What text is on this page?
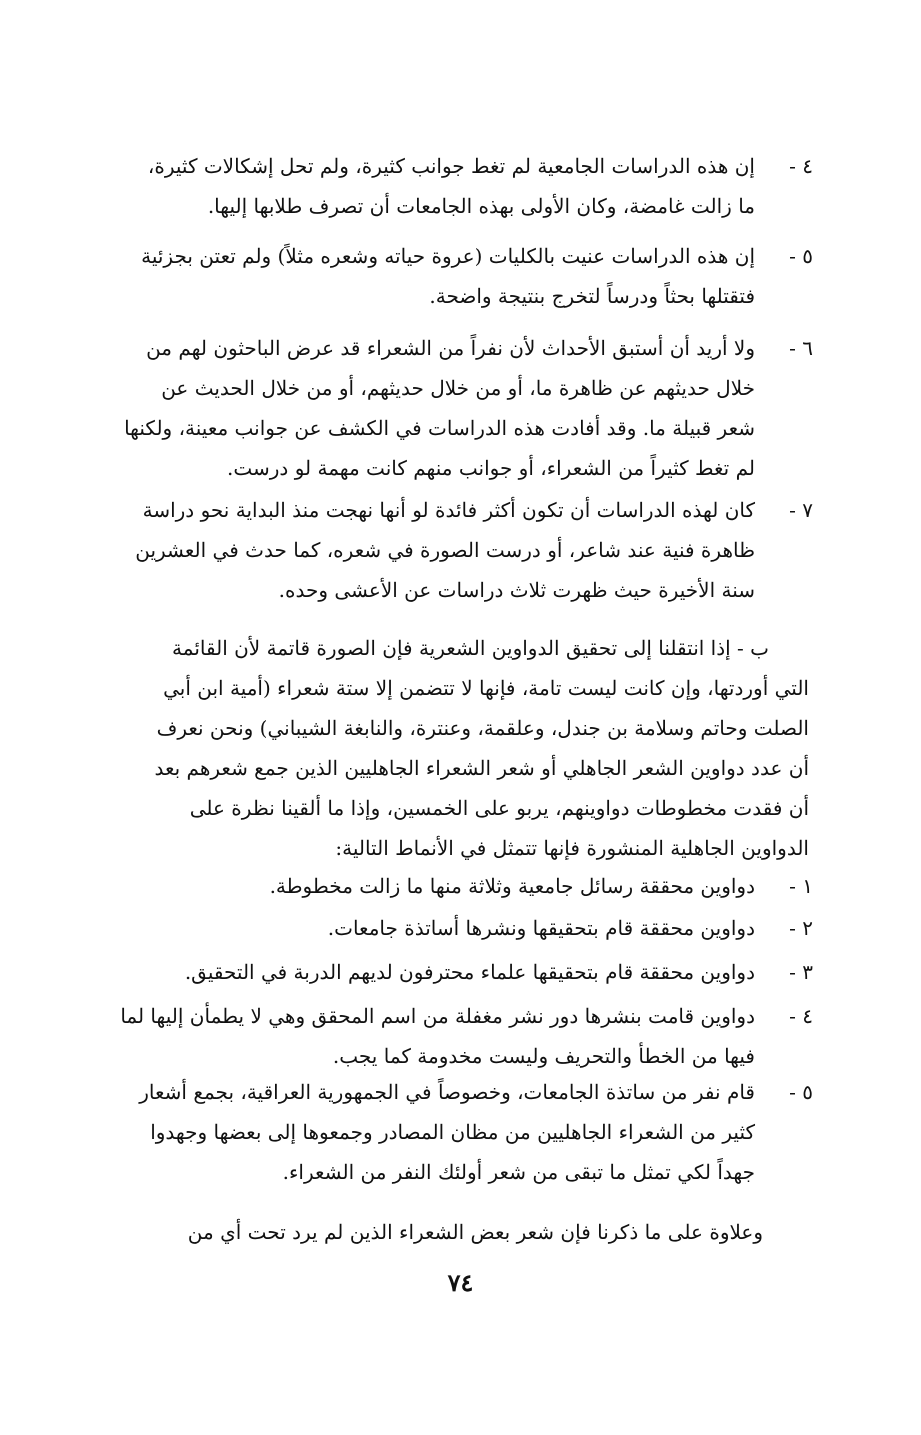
٤ -
إن هذه الدراسات الجامعية لم تغط جوانب كثيرة، ولم تحل إشكالات كثيرة،
ما زالت غامضة، وكان الأولى بهذه الجامعات أن تصرف طلابها إليها.
٥ -
إن هذه الدراسات عنيت بالكليات (عروة حياته وشعره مثلاً) ولم تعتن بجزئية
فتقتلها بحثاً ودرساً لتخرج بنتيجة واضحة.
٦ -
ولا أريد أن أستبق الأحداث لأن نفراً من الشعراء قد عرض الباحثون لهم من
خلال حديثهم عن ظاهرة ما، أو من خلال حديثهم، أو من خلال الحديث عن
شعر قبيلة ما. وقد أفادت هذه الدراسات في الكشف عن جوانب معينة، ولكنها
لم تغط كثيراً من الشعراء، أو جوانب منهم كانت مهمة لو درست.
٧ -
كان لهذه الدراسات أن تكون أكثر فائدة لو أنها نهجت منذ البداية نحو دراسة
ظاهرة فنية عند شاعر، أو درست الصورة في شعره، كما حدث في العشرين
سنة الأخيرة حيث ظهرت ثلاث دراسات عن الأعشى وحده.
ب - إذا انتقلنا إلى تحقيق الدواوين الشعرية فإن الصورة قاتمة لأن القائمة
التي أوردتها، وإن كانت ليست تامة، فإنها لا تتضمن إلا ستة شعراء (أمية ابن أبي
الصلت وحاتم وسلامة بن جندل، وعلقمة، وعنترة، والنابغة الشيباني) ونحن نعرف
أن عدد دواوين الشعر الجاهلي أو شعر الشعراء الجاهليين الذين جمع شعرهم بعد
أن فقدت مخطوطات دواوينهم، يربو على الخمسين، وإذا ما ألقينا نظرة على
الدواوين الجاهلية المنشورة فإنها تتمثل في الأنماط التالية:
١ -
دواوين محققة رسائل جامعية وثلاثة منها ما زالت مخطوطة.
٢ -
دواوين محققة قام بتحقيقها ونشرها أساتذة جامعات.
٣ -
دواوين محققة قام بتحقيقها علماء محترفون لديهم الدربة في التحقيق.
٤ -
دواوين قامت بنشرها دور نشر مغفلة من اسم المحقق وهي لا يطمأن إليها لما
فيها من الخطأ والتحريف وليست مخدومة كما يجب.
٥ -
قام نفر من ساتذة الجامعات، وخصوصاً في الجمهورية العراقية، بجمع أشعار
كثير من الشعراء الجاهليين من مظان المصادر وجمعوها إلى بعضها وجهدوا
جهداً لكي تمثل ما تبقى من شعر أولئك النفر من الشعراء.
وعلاوة على ما ذكرنا فإن شعر بعض الشعراء الذين لم يرد تحت أي من
٧٤
